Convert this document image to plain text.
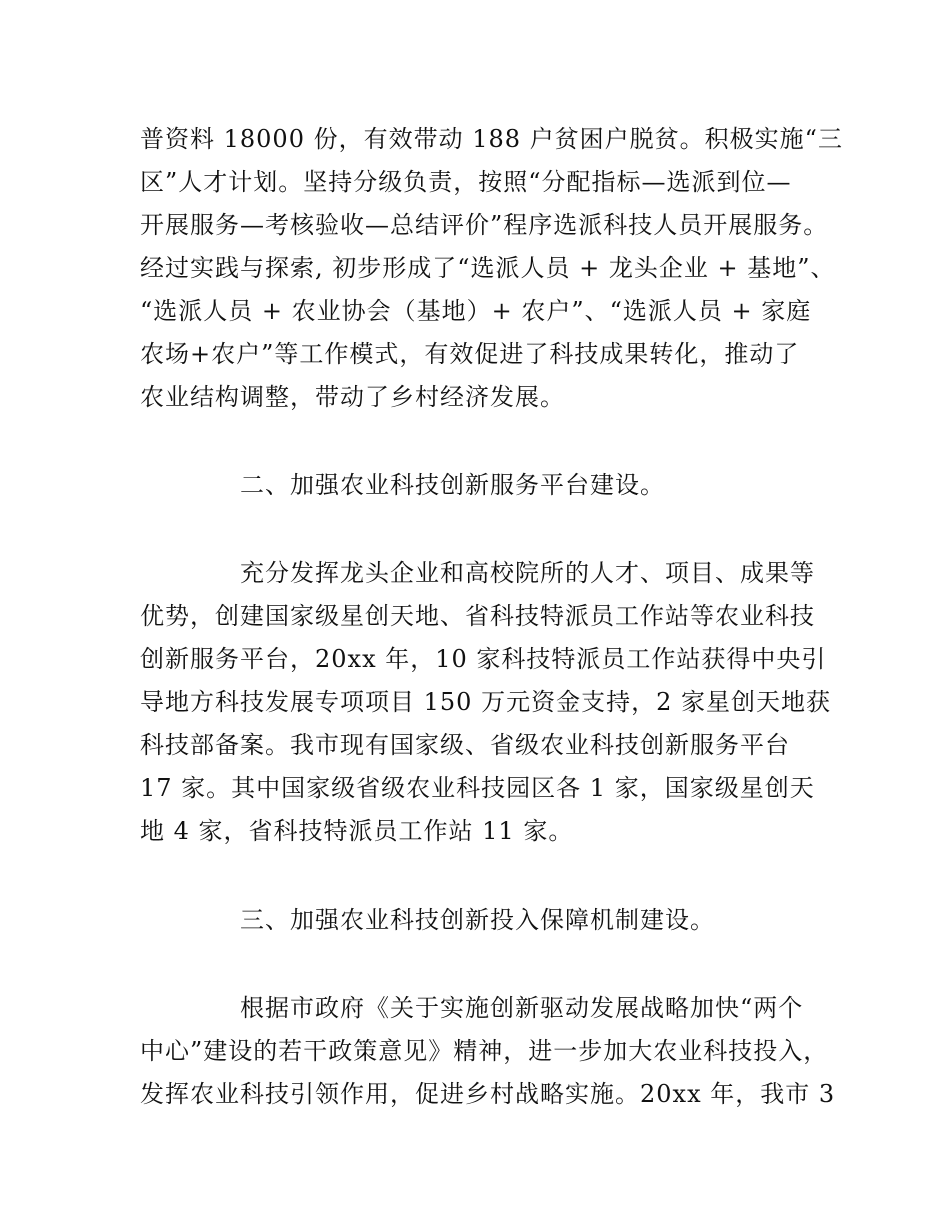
普资料 18000 份，有效带动 188 户贫困户脱贫。积极实施“三
区”人才计划。坚持分级负责，按照“分配指标—选派到位—
开展服务—考核验收—总结评价”程序选派科技人员开展服务。
经过实践与探索, 初步形成了“选派人员 + 龙头企业 + 基地”、
“选派人员 + 农业协会（基地）+ 农户”、“选派人员 + 家庭
农场+农户”等工作模式，有效促进了科技成果转化，推动了
农业结构调整，带动了乡村经济发展。
二、加强农业科技创新服务平台建设。
充分发挥龙头企业和高校院所的人才、项目、成果等
优势，创建国家级星创天地、省科技特派员工作站等农业科技
创新服务平台，20xx 年，10 家科技特派员工作站获得中央引
导地方科技发展专项项目 150 万元资金支持，2 家星创天地获
科技部备案。我市现有国家级、省级农业科技创新服务平台
17 家。其中国家级省级农业科技园区各 1 家，国家级星创天
地 4 家，省科技特派员工作站 11 家。
三、加强农业科技创新投入保障机制建设。
根据市政府《关于实施创新驱动发展战略加快“两个
中心”建设的若干政策意见》精神，进一步加大农业科技投入，
发挥农业科技引领作用，促进乡村战略实施。20xx 年，我市 3
